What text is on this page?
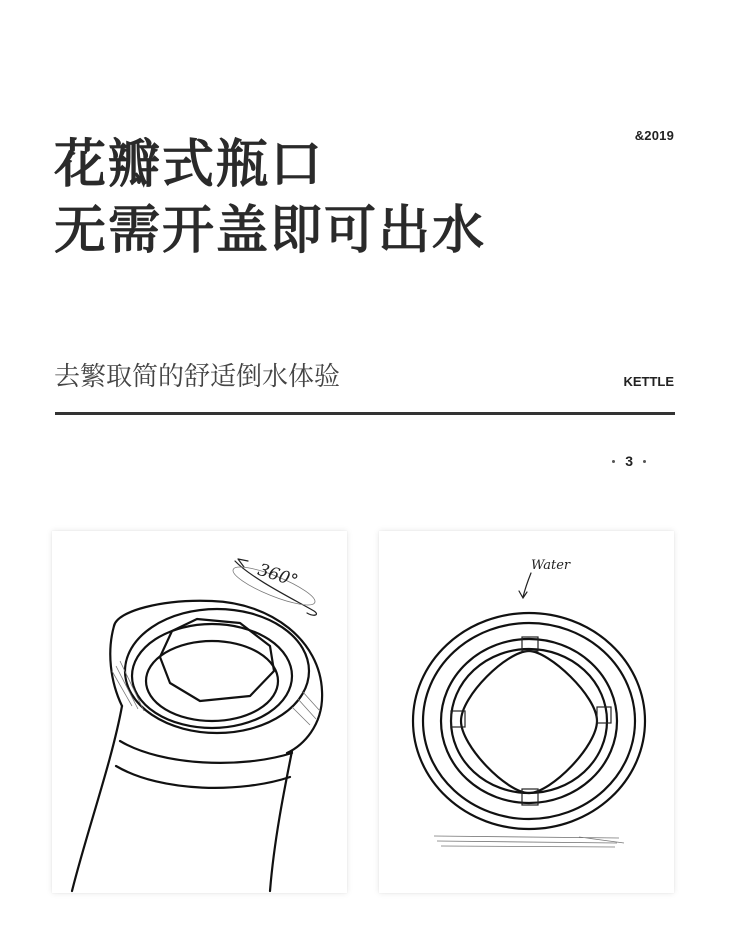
&2019
花瓣式瓶口
无需开盖即可出水
去繁取简的舒适倒水体验	KETTLE
3
360°	Water
